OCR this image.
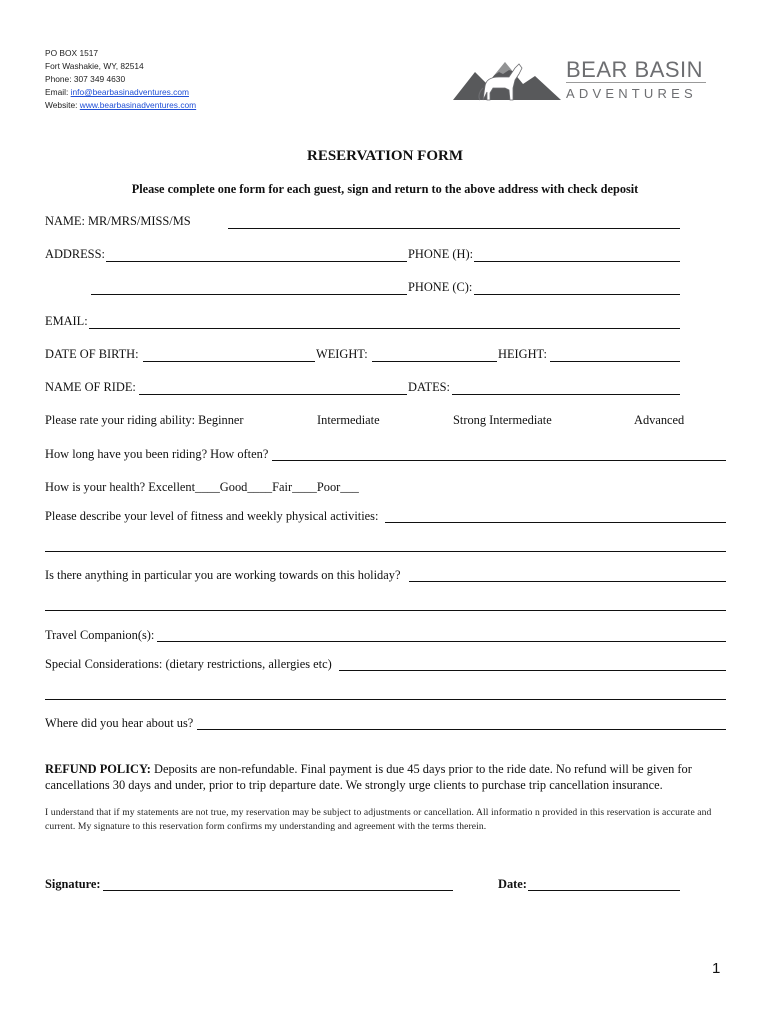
PO BOX 1517
Fort Washakie, WY, 82514
Phone: 307 349 4630
Email: info@bearbasinadventures.com
Website: www.bearbasinadventures.com
BEAR BASIN
ADVENTURES
RESERVATION FORM
Please complete one form for each guest, sign and return to the above address with check deposit
NAME: MR/MRS/MISS/MS
ADDRESS:	PHONE (H):
PHONE (C):
EMAIL:
DATE OF BIRTH:	WEIGHT:	HEIGHT:
NAME OF RIDE:	DATES:
Please rate your riding ability: Beginner	Intermediate	Strong Intermediate	Advanced
How long have you been riding? How often?
How is your health? Excellent____Good____Fair____Poor___
Please describe your level of fitness and weekly physical activities:
Is there anything in particular you are working towards on this holiday?
Travel Companion(s):
Special Considerations: (dietary restrictions, allergies etc)
Where did you hear about us?
REFUND POLICY: Deposits are non-refundable. Final payment is due 45 days prior to the ride date. No refund will be given for cancellations 30 days and under, prior to trip departure date. We strongly urge clients to purchase trip cancellation insurance.
I understand that if my statements are not true, my reservation may be subject to adjustments or cancellation. All informatio n provided in this reservation is accurate and current. My signature to this reservation form confirms my understanding and agreement with the terms therein.
Signature:	Date:
1
